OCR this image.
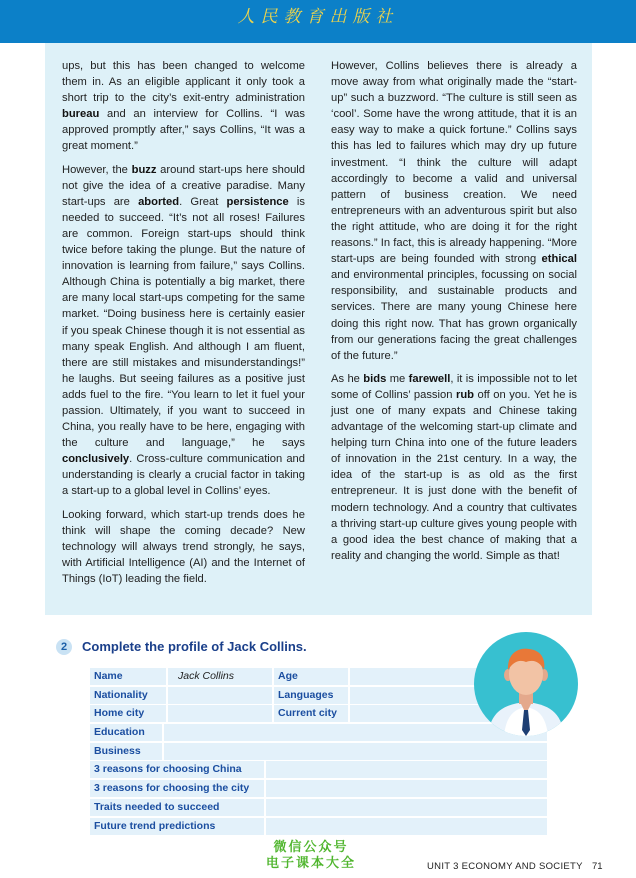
人民教育出版社

ups, but this has been changed to welcome them in. As an eligible applicant it only took a short trip to the city’s exit-entry administration bureau and an interview for Collins. “I was approved promptly after,” says Collins, “It was a great moment.”

However, the buzz around start-ups here should not give the idea of a creative paradise. Many start-ups are aborted. Great persistence is needed to succeed. “It’s not all roses! Failures are common. Foreign start-ups should think twice before taking the plunge. But the nature of innovation is learning from failure,” says Collins. Although China is potentially a big market, there are many local start-ups competing for the same market. “Doing business here is certainly easier if you speak Chinese though it is not essential as many speak English. And although I am fluent, there are still mistakes and misunderstandings!” he laughs. But seeing failures as a positive just adds fuel to the fire. “You learn to let it fuel your passion. Ultimately, if you want to succeed in China, you really have to be here, engaging with the culture and language,” he says conclusively. Cross-culture communication and understanding is clearly a crucial factor in taking a start-up to a global level in Collins’ eyes.

Looking forward, which start-up trends does he think will shape the coming decade? New technology will always trend strongly, he says, with Artificial Intelligence (AI) and the Internet of Things (IoT) leading the field.

However, Collins believes there is already a move away from what originally made the “start-up” such a buzzword. “The culture is still seen as ‘cool’. Some have the wrong attitude, that it is an easy way to make a quick fortune.” Collins says this has led to failures which may dry up future investment. “I think the culture will adapt accordingly to become a valid and universal pattern of business creation. We need entrepreneurs with an adventurous spirit but also the right attitude, who are doing it for the right reasons.” In fact, this is already happening. “More start-ups are being founded with strong ethical and environmental principles, focussing on social responsibility, and sustainable products and services. There are many young Chinese here doing this right now. That has grown organically from our generations facing the great challenges of the future.”

As he bids me farewell, it is impossible not to let some of Collins’ passion rub off on you. Yet he is just one of many expats and Chinese taking advantage of the welcoming start-up climate and helping turn China into one of the future leaders of innovation in the 21st century. In a way, the idea of the start-up is as old as the first entrepreneur. It is just done with the benefit of modern technology. And a country that cultivates a thriving start-up culture gives young people with a good idea the best chance of making that a reality and changing the world. Simple as that!

2	Complete the profile of Jack Collins.
Name	Jack Collins	Age
Nationality	Languages
Home city	Current city
Education
Business
3 reasons for choosing China
3 reasons for choosing the city
Traits needed to succeed
Future trend predictions
微信公众号
电子课本大全	UNIT 3 ECONOMY AND SOCIETY 71
